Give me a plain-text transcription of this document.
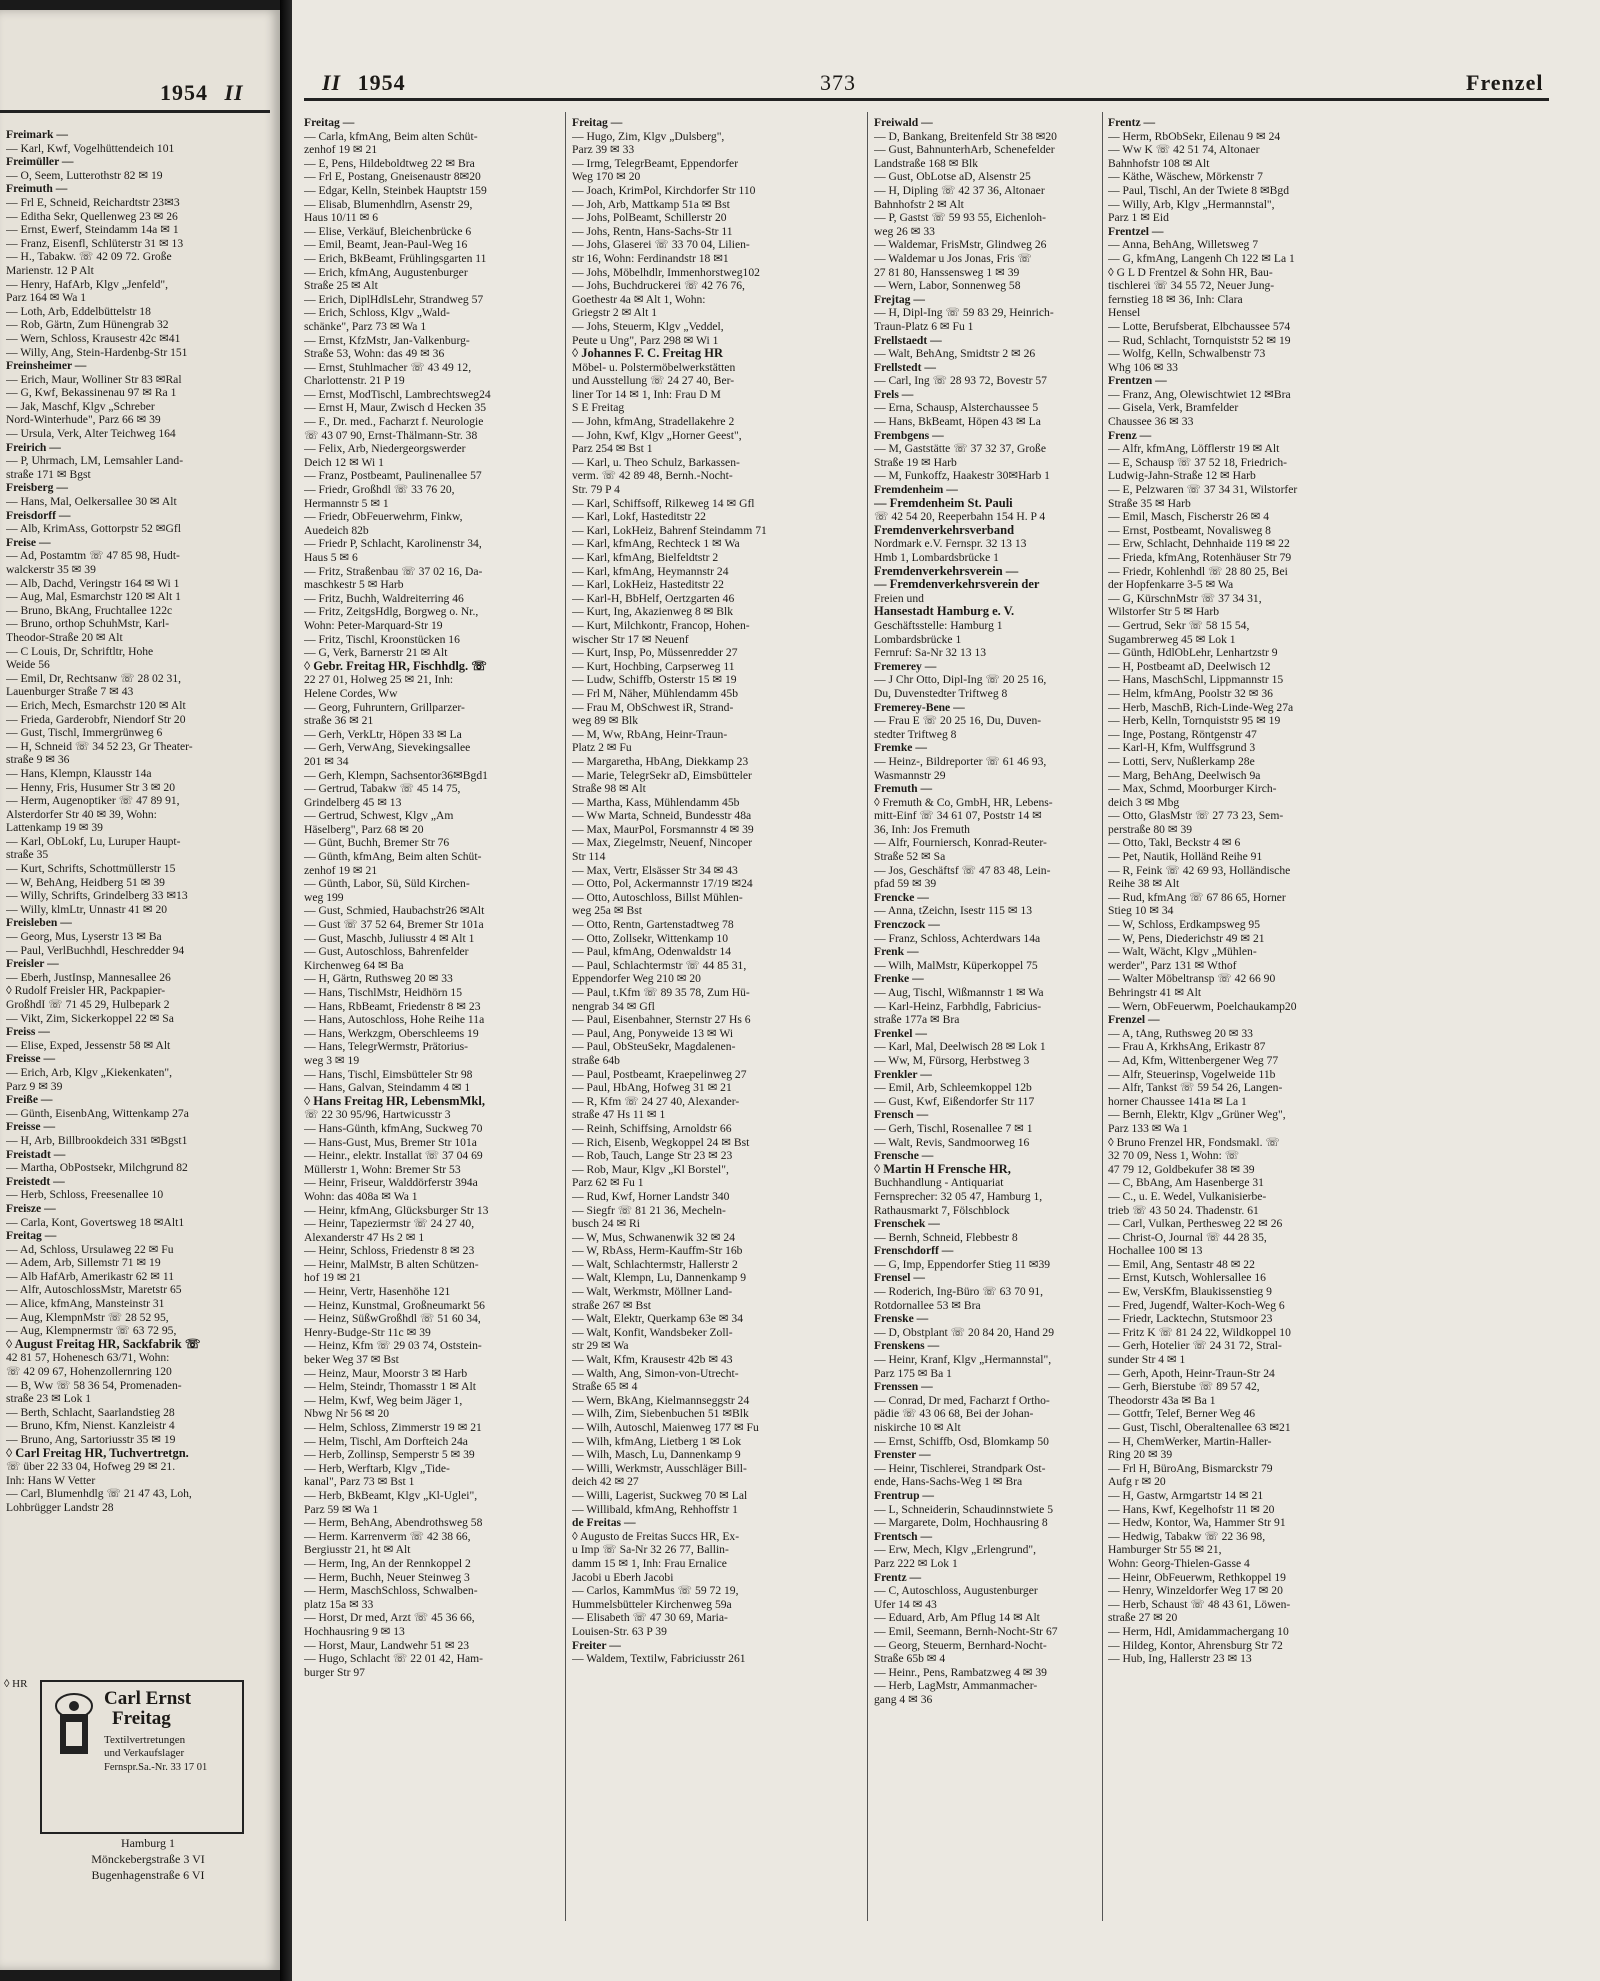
1954 II
Freimark —
— Karl, Kwf, Vogelhüttendeich 101
Freimüller —
— O, Seem, Lutterothstr 82 ✉ 19
Freimuth —
— Frl E, Schneid, Reichardtstr 23✉3
— Editha Sekr, Quellenweg 23 ✉ 26
— Ernst, Ewerf, Steindamm 14a ✉ 1
— Franz, Eisenfl, Schlüterstr 31 ✉ 13
— H., Tabakw. ☏ 42 09 72. Große
Marienstr. 12 P Alt
— Henry, HafArb, Klgv „Jenfeld",
Parz 164 ✉ Wa 1
— Loth, Arb, Eddelbüttelstr 18
— Rob, Gärtn, Zum Hünengrab 32
— Wern, Schloss, Krausestr 42c ✉41
— Willy, Ang, Stein-Hardenbg-Str 151
Freinsheimer —
— Erich, Maur, Wolliner Str 83 ✉Ral
— G, Kwf, Bekassinenau 97 ✉ Ra 1
— Jak, Maschf, Klgv „Schreber
Nord-Winterhude", Parz 66 ✉ 39
— Ursula, Verk, Alter Teichweg 164
Freirich —
— P, Uhrmach, LM, Lemsahler Land-
straße 171 ✉ Bgst
Freisberg —
— Hans, Mal, Oelkersallee 30 ✉ Alt
Freisdorff —
— Alb, KrimAss, Gottorpstr 52 ✉Gfl
Freise —
— Ad, Postamtm ☏ 47 85 98, Hudt-
walckerstr 35 ✉ 39
— Alb, Dachd, Veringstr 164 ✉ Wi 1
— Aug, Mal, Esmarchstr 120 ✉ Alt 1
— Bruno, BkAng, Fruchtallee 122c
— Bruno, orthop SchuhMstr, Karl-
Theodor-Straße 20 ✉ Alt
— C Louis, Dr, Schriftltr, Hohe
Weide 56
— Emil, Dr, Rechtsanw ☏ 28 02 31,
Lauenburger Straße 7 ✉ 43
— Erich, Mech, Esmarchstr 120 ✉ Alt
— Frieda, Garderobfr, Niendorf Str 20
— Gust, Tischl, Immergrünweg 6
— H, Schneid ☏ 34 52 23, Gr Theater-
straße 9 ✉ 36
— Hans, Klempn, Klausstr 14a
— Henny, Fris, Husumer Str 3 ✉ 20
— Herm, Augenoptiker ☏ 47 89 91,
Alsterdorfer Str 40 ✉ 39, Wohn:
Lattenkamp 19 ✉ 39
— Karl, ObLokf, Lu, Luruper Haupt-
straße 35
— Kurt, Schrifts, Schottmüllerstr 15
— W, BehAng, Heidberg 51 ✉ 39
— Willy, Schrifts, Grindelberg 33 ✉13
— Willy, klmLtr, Unnastr 41 ✉ 20
Freisleben —
— Georg, Mus, Lyserstr 13 ✉ Ba
— Paul, VerlBuchhdl, Heschredder 94
Freisler —
— Eberh, JustInsp, Mannesallee 26
◊ Rudolf Freisler HR, Packpapier-
GroßhdI ☏ 71 45 29, Hulbepark 2
— Vikt, Zim, Sickerkoppel 22 ✉ Sa
Freiss —
— Elise, Exped, Jessenstr 58 ✉ Alt
Freisse —
— Erich, Arb, Klgv „Kiekenkaten",
Parz 9 ✉ 39
Freiße —
— Günth, EisenbAng, Wittenkamp 27a
Freisse —
— H, Arb, Billbrookdeich 331 ✉Bgst1
Freistadt —
— Martha, ObPostsekr, Milchgrund 82
Freistedt —
— Herb, Schloss, Freesenallee 10
Freisze —
— Carla, Kont, Govertsweg 18 ✉Alt1
Freitag —
— Ad, Schloss, Ursulaweg 22 ✉ Fu
— Adem, Arb, Sillemstr 71 ✉ 19
— Alb HafArb, Amerikastr 62 ✉ 11
— Alfr, AutoschlossMstr, Maretstr 65
— Alice, kfmAng, Mansteinstr 31
— Aug, KlempnMstr ☏ 28 52 95,
— Aug, Klempnermstr ☏ 63 72 95,
◊ August Freitag HR, Sackfabrik ☏
42 81 57, Hohenesch 63/71, Wohn:
☏ 42 09 67, Hohenzollernring 120
— B, Ww ☏ 58 36 54, Promenaden-
straße 23 ✉ Lok 1
— Berth, Schlacht, Saarlandstieg 28
— Bruno, Kfm, Nienst. Kanzleistr 4
— Bruno, Ang, Sartoriusstr 35 ✉ 19
◊ Carl Freitag HR, Tuchvertretgn.
☏ über 22 33 04, Hofweg 29 ✉ 21.
Inh: Hans W Vetter
— Carl, Blumenhdlg ☏ 21 47 43, Loh,
Lohbrügger Landstr 28
◊ HR
Carl Ernst
Freitag
Textilvertretungen
und Verkaufslager
Fernspr.Sa.-Nr. 33 17 01
Hamburg 1
Mönckebergstraße 3 VI
Bugenhagenstraße 6 VI
II 1954	373	Frenzel
Freitag —
— Carla, kfmAng, Beim alten Schüt-
zenhof 19 ✉ 21
— E, Pens, Hildeboldtweg 22 ✉ Bra
— Frl E, Postang, Gneisenaustr 8✉20
— Edgar, Kelln, Steinbek Hauptstr 159
— Elisab, Blumenhdlrn, Asenstr 29,
Haus 10/11 ✉ 6
— Elise, Verkäuf, Bleichenbrücke 6
— Emil, Beamt, Jean-Paul-Weg 16
— Erich, BkBeamt, Frühlingsgarten 11
— Erich, kfmAng, Augustenburger
Straße 25 ✉ Alt
— Erich, DiplHdlsLehr, Strandweg 57
— Erich, Schloss, Klgv „Wald-
schänke", Parz 73 ✉ Wa 1
— Ernst, KfzMstr, Jan-Valkenburg-
Straße 53, Wohn: das 49 ✉ 36
— Ernst, Stuhlmacher ☏ 43 49 12,
Charlottenstr. 21 P 19
— Ernst, ModTischl, Lambrechtsweg24
— Ernst H, Maur, Zwisch d Hecken 35
— F., Dr. med., Facharzt f. Neurologie
☏ 43 07 90, Ernst-Thälmann-Str. 38
— Felix, Arb, Niedergeorgswerder
Deich 12 ✉ Wi 1
— Franz, Postbeamt, Paulinenallee 57
— Friedr, Großhdl ☏ 33 76 20,
Hermannstr 5 ✉ 1
— Friedr, ObFeuerwehrm, Finkw,
Auedeich 82b
— Friedr P, Schlacht, Karolinenstr 34,
Haus 5 ✉ 6
— Fritz, Straßenbau ☏ 37 02 16, Da-
maschkestr 5 ✉ Harb
— Fritz, Buchh, Waldreiterring 46
— Fritz, ZeitgsHdlg, Borgweg o. Nr.,
Wohn: Peter-Marquard-Str 19
— Fritz, Tischl, Kroonstücken 16
— G, Verk, Barnerstr 21 ✉ Alt
◊ Gebr. Freitag HR, Fischhdlg. ☏
22 27 01, Holweg 25 ✉ 21, Inh:
Helene Cordes, Ww
— Georg, Fuhruntern, Grillparzer-
straße 36 ✉ 21
— Gerh, VerkLtr, Höpen 33 ✉ La
— Gerh, VerwAng, Sievekingsallee
201 ✉ 34
— Gerh, Klempn, Sachsentor36✉Bgd1
— Gertrud, Tabakw ☏ 45 14 75,
Grindelberg 45 ✉ 13
— Gertrud, Schwest, Klgv „Am
Häselberg", Parz 68 ✉ 20
— Günt, Buchh, Bremer Str 76
— Günth, kfmAng, Beim alten Schüt-
zenhof 19 ✉ 21
— Günth, Labor, Sü, Süld Kirchen-
weg 199
— Gust, Schmied, Haubachstr26 ✉Alt
— Gust ☏ 37 52 64, Bremer Str 101a
— Gust, Maschb, Juliusstr 4 ✉ Alt 1
— Gust, Autoschloss, Bahrenfelder
Kirchenweg 64 ✉ Ba
— H, Gärtn, Ruthsweg 20 ✉ 33
— Hans, TischlMstr, Heidhörn 15
— Hans, RbBeamt, Friedenstr 8 ✉ 23
— Hans, Autoschloss, Hohe Reihe 11a
— Hans, Werkzgm, Oberschleems 19
— Hans, TelegrWermstr, Prätorius-
weg 3 ✉ 19
— Hans, Tischl, Eimsbütteler Str 98
— Hans, Galvan, Steindamm 4 ✉ 1
◊ Hans Freitag HR, LebensmMkl,
☏ 22 30 95/96, Hartwicusstr 3
— Hans-Günth, kfmAng, Suckweg 70
— Hans-Gust, Mus, Bremer Str 101a
— Heinr., elektr. Installat ☏ 37 04 69
Müllerstr 1, Wohn: Bremer Str 53
— Heinr, Friseur, Walddörferstr 394a
Wohn: das 408a ✉ Wa 1
— Heinr, kfmAng, Glücksburger Str 13
— Heinr, Tapeziermstr ☏ 24 27 40,
Alexanderstr 47 Hs 2 ✉ 1
— Heinr, Schloss, Friedenstr 8 ✉ 23
— Heinr, MalMstr, B alten Schützen-
hof 19 ✉ 21
— Heinr, Vertr, Hasenhöhe 121
— Heinz, Kunstmal, Großneumarkt 56
— Heinz, SüßwGroßhdl ☏ 51 60 34,
Henry-Budge-Str 11c ✉ 39
— Heinz, Kfm ☏ 29 03 74, Oststein-
beker Weg 37 ✉ Bst
— Heinz, Maur, Moorstr 3 ✉ Harb
— Helm, Steindr, Thomasstr 1 ✉ Alt
— Helm, Kwf, Weg beim Jäger 1,
Nbwg Nr 56 ✉ 20
— Helm, Schloss, Zimmerstr 19 ✉ 21
— Helm, Tischl, Am Dorfteich 24a
— Herb, Zollinsp, Semperstr 5 ✉ 39
— Herb, Werftarb, Klgv „Tide-
kanal", Parz 73 ✉ Bst 1
— Herb, BkBeamt, Klgv „Kl-Uglei",
Parz 59 ✉ Wa 1
— Herm, BehAng, Abendrothsweg 58
— Herm. Karrenverm ☏ 42 38 66,
Bergiusstr 21, ht ✉ Alt
— Herm, Ing, An der Rennkoppel 2
— Herm, Buchh, Neuer Steinweg 3
— Herm, MaschSchloss, Schwalben-
platz 15a ✉ 33
— Horst, Dr med, Arzt ☏ 45 36 66,
Hochhausring 9 ✉ 13
— Horst, Maur, Landwehr 51 ✉ 23
— Hugo, Schlacht ☏ 22 01 42, Ham-
burger Str 97
Freitag —
— Hugo, Zim, Klgv „Dulsberg",
Parz 39 ✉ 33
— Irmg, TelegrBeamt, Eppendorfer
Weg 170 ✉ 20
— Joach, KrimPol, Kirchdorfer Str 110
— Joh, Arb, Mattkamp 51a ✉ Bst
— Johs, PolBeamt, Schillerstr 20
— Johs, Rentn, Hans-Sachs-Str 11
— Johs, Glaserei ☏ 33 70 04, Lilien-
str 16, Wohn: Ferdinandstr 18 ✉1
— Johs, Möbelhdlr, Immenhorstweg102
— Johs, Buchdruckerei ☏ 42 76 76,
Goethestr 4a ✉ Alt 1, Wohn:
Griegstr 2 ✉ Alt 1
— Johs, Steuerm, Klgv „Veddel,
Peute u Ung", Parz 298 ✉ Wi 1
◊ Johannes F. C. Freitag HR
Möbel- u. Polstermöbelwerkstätten
und Ausstellung ☏ 24 27 40, Ber-
liner Tor 14 ✉ 1, Inh: Frau D M
S E Freitag
— John, kfmAng, Stradellakehre 2
— John, Kwf, Klgv „Horner Geest",
Parz 254 ✉ Bst 1
— Karl, u. Theo Schulz, Barkassen-
verm. ☏ 42 89 48, Bernh.-Nocht-
Str. 79 P 4
— Karl, Schiffsoff, Rilkeweg 14 ✉ Gfl
— Karl, Lokf, Hasteditstr 22
— Karl, LokHeiz, Bahrenf Steindamm 71
— Karl, kfmAng, Rechteck 1 ✉ Wa
— Karl, kfmAng, Bielfeldtstr 2
— Karl, kfmAng, Heymannstr 24
— Karl, LokHeiz, Hasteditstr 22
— Karl-H, BbHelf, Oertzgarten 46
— Kurt, Ing, Akazienweg 8 ✉ Blk
— Kurt, Milchkontr, Francop, Hohen-
wischer Str 17 ✉ Neuenf
— Kurt, Insp, Po, Müssenredder 27
— Kurt, Hochbing, Carpserweg 11
— Ludw, Schiffb, Osterstr 15 ✉ 19
— Frl M, Näher, Mühlendamm 45b
— Frau M, ObSchwest iR, Strand-
weg 89 ✉ Blk
— M, Ww, RbAng, Heinr-Traun-
Platz 2 ✉ Fu
— Margaretha, HbAng, Diekkamp 23
— Marie, TelegrSekr aD, Eimsbütteler
Straße 98 ✉ Alt
— Martha, Kass, Mühlendamm 45b
— Ww Marta, Schneid, Bundesstr 48a
— Max, MaurPol, Forsmannstr 4 ✉ 39
— Max, Ziegelmstr, Neuenf, Nincoper
Str 114
— Max, Vertr, Elsässer Str 34 ✉ 43
— Otto, Pol, Ackermannstr 17/19 ✉24
— Otto, Autoschloss, Billst Mühlen-
weg 25a ✉ Bst
— Otto, Rentn, Gartenstadtweg 78
— Otto, Zollsekr, Wittenkamp 10
— Paul, kfmAng, Odenwaldstr 14
— Paul, Schlachtermstr ☏ 44 85 31,
Eppendorfer Weg 210 ✉ 20
— Paul, t.Kfm ☏ 89 35 78, Zum Hü-
nengrab 34 ✉ Gfl
— Paul, Eisenbahner, Sternstr 27 Hs 6
— Paul, Ang, Ponyweide 13 ✉ Wi
— Paul, ObSteuSekr, Magdalenen-
straße 64b
— Paul, Postbeamt, Kraepelinweg 27
— Paul, HbAng, Hofweg 31 ✉ 21
— R, Kfm ☏ 24 27 40, Alexander-
straße 47 Hs 11 ✉ 1
— Reinh, Schiffsing, Arnoldstr 66
— Rich, Eisenb, Wegkoppel 24 ✉ Bst
— Rob, Tauch, Lange Str 23 ✉ 23
— Rob, Maur, Klgv „Kl Borstel",
Parz 62 ✉ Fu 1
— Rud, Kwf, Horner Landstr 340
— Siegfr ☏ 81 21 36, Mecheln-
busch 24 ✉ Ri
— W, Mus, Schwanenwik 32 ✉ 24
— W, RbAss, Herm-Kauffm-Str 16b
— Walt, Schlachtermstr, Hallerstr 2
— Walt, Klempn, Lu, Dannenkamp 9
— Walt, Werkmstr, Möllner Land-
straße 267 ✉ Bst
— Walt, Elektr, Querkamp 63e ✉ 34
— Walt, Konfit, Wandsbeker Zoll-
str 29 ✉ Wa
— Walt, Kfm, Krausestr 42b ✉ 43
— Walth, Ang, Simon-von-Utrecht-
Straße 65 ✉ 4
— Wern, BkAng, Kielmannseggstr 24
— Wilh, Zim, Siebenbuchen 51 ✉Blk
— Wilh, Autoschl, Maienweg 177 ✉ Fu
— Wilh, kfmAng, Lietberg 1 ✉ Lok
— Wilh, Masch, Lu, Dannenkamp 9
— Willi, Werkmstr, Ausschläger Bill-
deich 42 ✉ 27
— Willi, Lagerist, Suckweg 70 ✉ Lal
— Willibald, kfmAng, Rehhoffstr 1
de Freitas —
◊ Augusto de Freitas Succs HR, Ex-
u Imp ☏ Sa-Nr 32 26 77, Ballin-
damm 15 ✉ 1, Inh: Frau Ernalice
Jacobi u Eberh Jacobi
— Carlos, KammMus ☏ 59 72 19,
Hummelsbütteler Kirchenweg 59a
— Elisabeth ☏ 47 30 69, Maria-
Louisen-Str. 63 P 39
Freiter —
— Waldem, Textilw, Fabriciusstr 261
Freiwald —
— D, Bankang, Breitenfeld Str 38 ✉20
— Gust, BahnunterhArb, Schenefelder
Landstraße 168 ✉ Blk
— Gust, ObLotse aD, Alsenstr 25
— H, Dipling ☏ 42 37 36, Altonaer
Bahnhofstr 2 ✉ Alt
— P, Gastst ☏ 59 93 55, Eichenloh-
weg 26 ✉ 33
— Waldemar, FrisMstr, Glindweg 26
— Waldemar u Jos Jonas, Fris ☏
27 81 80, Hanssensweg 1 ✉ 39
— Wern, Labor, Sonnenweg 58
Frejtag —
— H, Dipl-Ing ☏ 59 83 29, Heinrich-
Traun-Platz 6 ✉ Fu 1
Frellstaedt —
— Walt, BehAng, Smidtstr 2 ✉ 26
Frellstedt —
— Carl, Ing ☏ 28 93 72, Bovestr 57
Frels —
— Erna, Schausp, Alsterchaussee 5
— Hans, BkBeamt, Höpen 43 ✉ La
Frembgens —
— M, Gaststätte ☏ 37 32 37, Große
Straße 19 ✉ Harb
— M, Funkoffz, Haakestr 30✉Harb 1
Fremdenheim —
— Fremdenheim St. Pauli
☏ 42 54 20, Reeperbahn 154 H. P 4
Fremdenverkehrsverband
Nordmark e.V. Fernspr. 32 13 13
Hmb 1, Lombardsbrücke 1
Fremdenverkehrsverein —
— Fremdenverkehrsverein der
Freien und
Hansestadt Hamburg e. V.
Geschäftsstelle: Hamburg 1
Lombardsbrücke 1
Fernruf: Sa-Nr 32 13 13
Fremerey —
— J Chr Otto, Dipl-Ing ☏ 20 25 16,
Du, Duvenstedter Triftweg 8
Fremerey-Bene —
— Frau E ☏ 20 25 16, Du, Duven-
stedter Triftweg 8
Fremke —
— Heinz-, Bildreporter ☏ 61 46 93,
Wasmannstr 29
Fremuth —
◊ Fremuth & Co, GmbH, HR, Lebens-
mitt-Einf ☏ 34 61 07, Poststr 14 ✉
36, Inh: Jos Fremuth
— Alfr, Fourniersch, Konrad-Reuter-
Straße 52 ✉ Sa
— Jos, Geschäftsf ☏ 47 83 48, Lein-
pfad 59 ✉ 39
Frencke —
— Anna, tZeichn, Isestr 115 ✉ 13
Frenczock —
— Franz, Schloss, Achterdwars 14a
Frenk —
— Wilh, MalMstr, Küperkoppel 75
Frenke —
— Aug, Tischl, Wißmannstr 1 ✉ Wa
— Karl-Heinz, Farbhdlg, Fabricius-
straße 177a ✉ Bra
Frenkel —
— Karl, Mal, Deelwisch 28 ✉ Lok 1
— Ww, M, Fürsorg, Herbstweg 3
Frenkler —
— Emil, Arb, Schleemkoppel 12b
— Gust, Kwf, Eißendorfer Str 117
Frensch —
— Gerh, Tischl, Rosenallee 7 ✉ 1
— Walt, Revis, Sandmoorweg 16
Frensche —
◊ Martin H Frensche HR,
Buchhandlung - Antiquariat
Fernsprecher: 32 05 47, Hamburg 1,
Rathausmarkt 7, Fölschblock
Frenschek —
— Bernh, Schneid, Flebbestr 8
Frenschdorff —
— G, Imp, Eppendorfer Stieg 11 ✉39
Frensel —
— Roderich, Ing-Büro ☏ 63 70 91,
Rotdornallee 53 ✉ Bra
Frenske —
— D, Obstplant ☏ 20 84 20, Hand 29
Frenskens —
— Heinr, Kranf, Klgv „Hermannstal",
Parz 175 ✉ Ba 1
Frenssen —
— Conrad, Dr med, Facharzt f Ortho-
pädie ☏ 43 06 68, Bei der Johan-
niskirche 10 ✉ Alt
— Ernst, Schiffb, Osd, Blomkamp 50
Frenster —
— Heinr, Tischlerei, Strandpark Ost-
ende, Hans-Sachs-Weg 1 ✉ Bra
Frentrup —
— L, Schneiderin, Schaudinnstwiete 5
— Margarete, Dolm, Hochhausring 8
Frentsch —
— Erw, Mech, Klgv „Erlengrund",
Parz 222 ✉ Lok 1
Frentz —
— C, Autoschloss, Augustenburger
Ufer 14 ✉ 43
— Eduard, Arb, Am Pflug 14 ✉ Alt
— Emil, Seemann, Bernh-Nocht-Str 67
— Georg, Steuerm, Bernhard-Nocht-
Straße 65b ✉ 4
— Heinr., Pens, Rambatzweg 4 ✉ 39
— Herb, LagMstr, Ammanmacher-
gang 4 ✉ 36
Frentz —
— Herm, RbObSekr, Eilenau 9 ✉ 24
— Ww K ☏ 42 51 74, Altonaer
Bahnhofstr 108 ✉ Alt
— Käthe, Wäschew, Mörkenstr 7
— Paul, Tischl, An der Twiete 8 ✉Bgd
— Willy, Arb, Klgv „Hermannstal",
Parz 1 ✉ Eid
Frentzel —
— Anna, BehAng, Willetsweg 7
— G, kfmAng, Langenh Ch 122 ✉ La 1
◊ G L D Frentzel & Sohn HR, Bau-
tischlerei ☏ 34 55 72, Neuer Jung-
fernstieg 18 ✉ 36, Inh: Clara
Hensel
— Lotte, Berufsberat, Elbchaussee 574
— Rud, Schlacht, Tornquiststr 52 ✉ 19
— Wolfg, Kelln, Schwalbenstr 73
Whg 106 ✉ 33
Frentzen —
— Franz, Ang, Olewischtwiet 12 ✉Bra
— Gisela, Verk, Bramfelder
Chaussee 36 ✉ 33
Frenz —
— Alfr, kfmAng, Löfflerstr 19 ✉ Alt
— E, Schausp ☏ 37 52 18, Friedrich-
Ludwig-Jahn-Straße 12 ✉ Harb
— E, Pelzwaren ☏ 37 34 31, Wilstorfer
Straße 35 ✉ Harb
— Emil, Masch, Fischerstr 26 ✉ 4
— Ernst, Postbeamt, Novalisweg 8
— Erw, Schlacht, Dehnhaide 119 ✉ 22
— Frieda, kfmAng, Rotenhäuser Str 79
— Friedr, Kohlenhdl ☏ 28 80 25, Bei
der Hopfenkarre 3-5 ✉ Wa
— G, KürschnMstr ☏ 37 34 31,
Wilstorfer Str 5 ✉ Harb
— Gertrud, Sekr ☏ 58 15 54,
Sugambrerweg 45 ✉ Lok 1
— Günth, HdlObLehr, Lenhartzstr 9
— H, Postbeamt aD, Deelwisch 12
— Hans, MaschSchl, Lippmannstr 15
— Helm, kfmAng, Poolstr 32 ✉ 36
— Herb, MaschB, Rich-Linde-Weg 27a
— Herb, Kelln, Tornquiststr 95 ✉ 19
— Inge, Postang, Röntgenstr 47
— Karl-H, Kfm, Wulffsgrund 3
— Lotti, Serv, Nußlerkamp 28e
— Marg, BehAng, Deelwisch 9a
— Max, Schmd, Moorburger Kirch-
deich 3 ✉ Mbg
— Otto, GlasMstr ☏ 27 73 23, Sem-
perstraße 80 ✉ 39
— Otto, Takl, Beckstr 4 ✉ 6
— Pet, Nautik, Holländ Reihe 91
— R, Feink ☏ 42 69 93, Holländische
Reihe 38 ✉ Alt
— Rud, kfmAng ☏ 67 86 65, Horner
Stieg 10 ✉ 34
— W, Schloss, Erdkampsweg 95
— W, Pens, Diederichstr 49 ✉ 21
— Walt, Wächt, Klgv „Mühlen-
werder", Parz 131 ✉ Wthof
— Walter Möbeltransp ☏ 42 66 90
Behringstr 41 ✉ Alt
— Wern, ObFeuerwm, Poelchaukamp20
Frenzel —
— A, tAng, Ruthsweg 20 ✉ 33
— Frau A, KrkhsAng, Erikastr 87
— Ad, Kfm, Wittenbergener Weg 77
— Alfr, Steuerinsp, Vogelweide 11b
— Alfr, Tankst ☏ 59 54 26, Langen-
horner Chaussee 141a ✉ La 1
— Bernh, Elektr, Klgv „Grüner Weg",
Parz 133 ✉ Wa 1
◊ Bruno Frenzel HR, Fondsmakl. ☏
32 70 09, Ness 1, Wohn: ☏
47 79 12, Goldbekufer 38 ✉ 39
— C, BbAng, Am Hasenberge 31
— C., u. E. Wedel, Vulkanisierbe-
trieb ☏ 43 50 24. Thadenstr. 61
— Carl, Vulkan, Perthesweg 22 ✉ 26
— Christ-O, Journal ☏ 44 28 35,
Hochallee 100 ✉ 13
— Emil, Ang, Sentastr 48 ✉ 22
— Ernst, Kutsch, Wohlersallee 16
— Ew, VersKfm, Blaukissenstieg 9
— Fred, Jugendf, Walter-Koch-Weg 6
— Friedr, Lacktechn, Stutsmoor 23
— Fritz K ☏ 81 24 22, Wildkoppel 10
— Gerh, Hotelier ☏ 24 31 72, Stral-
sunder Str 4 ✉ 1
— Gerh, Apoth, Heinr-Traun-Str 24
— Gerh, Bierstube ☏ 89 57 42,
Theodorstr 43a ✉ Ba 1
— Gottfr, Telef, Berner Weg 46
— Gust, Tischl, Oberaltenallee 63 ✉21
— H, ChemWerker, Martin-Haller-
Ring 20 ✉ 39
— Frl H, BüroAng, Bismarckstr 79
Aufg r ✉ 20
— H, Gastw, Armgartstr 14 ✉ 21
— Hans, Kwf, Kegelhofstr 11 ✉ 20
— Hedw, Kontor, Wa, Hammer Str 91
— Hedwig, Tabakw ☏ 22 36 98,
Hamburger Str 55 ✉ 21,
Wohn: Georg-Thielen-Gasse 4
— Heinr, ObFeuerwm, Rethkoppel 19
— Henry, Winzeldorfer Weg 17 ✉ 20
— Herb, Schaust ☏ 48 43 61, Löwen-
straße 27 ✉ 20
— Herm, Hdl, Amidammachergang 10
— Hildeg, Kontor, Ahrensburg Str 72
— Hub, Ing, Hallerstr 23 ✉ 13
